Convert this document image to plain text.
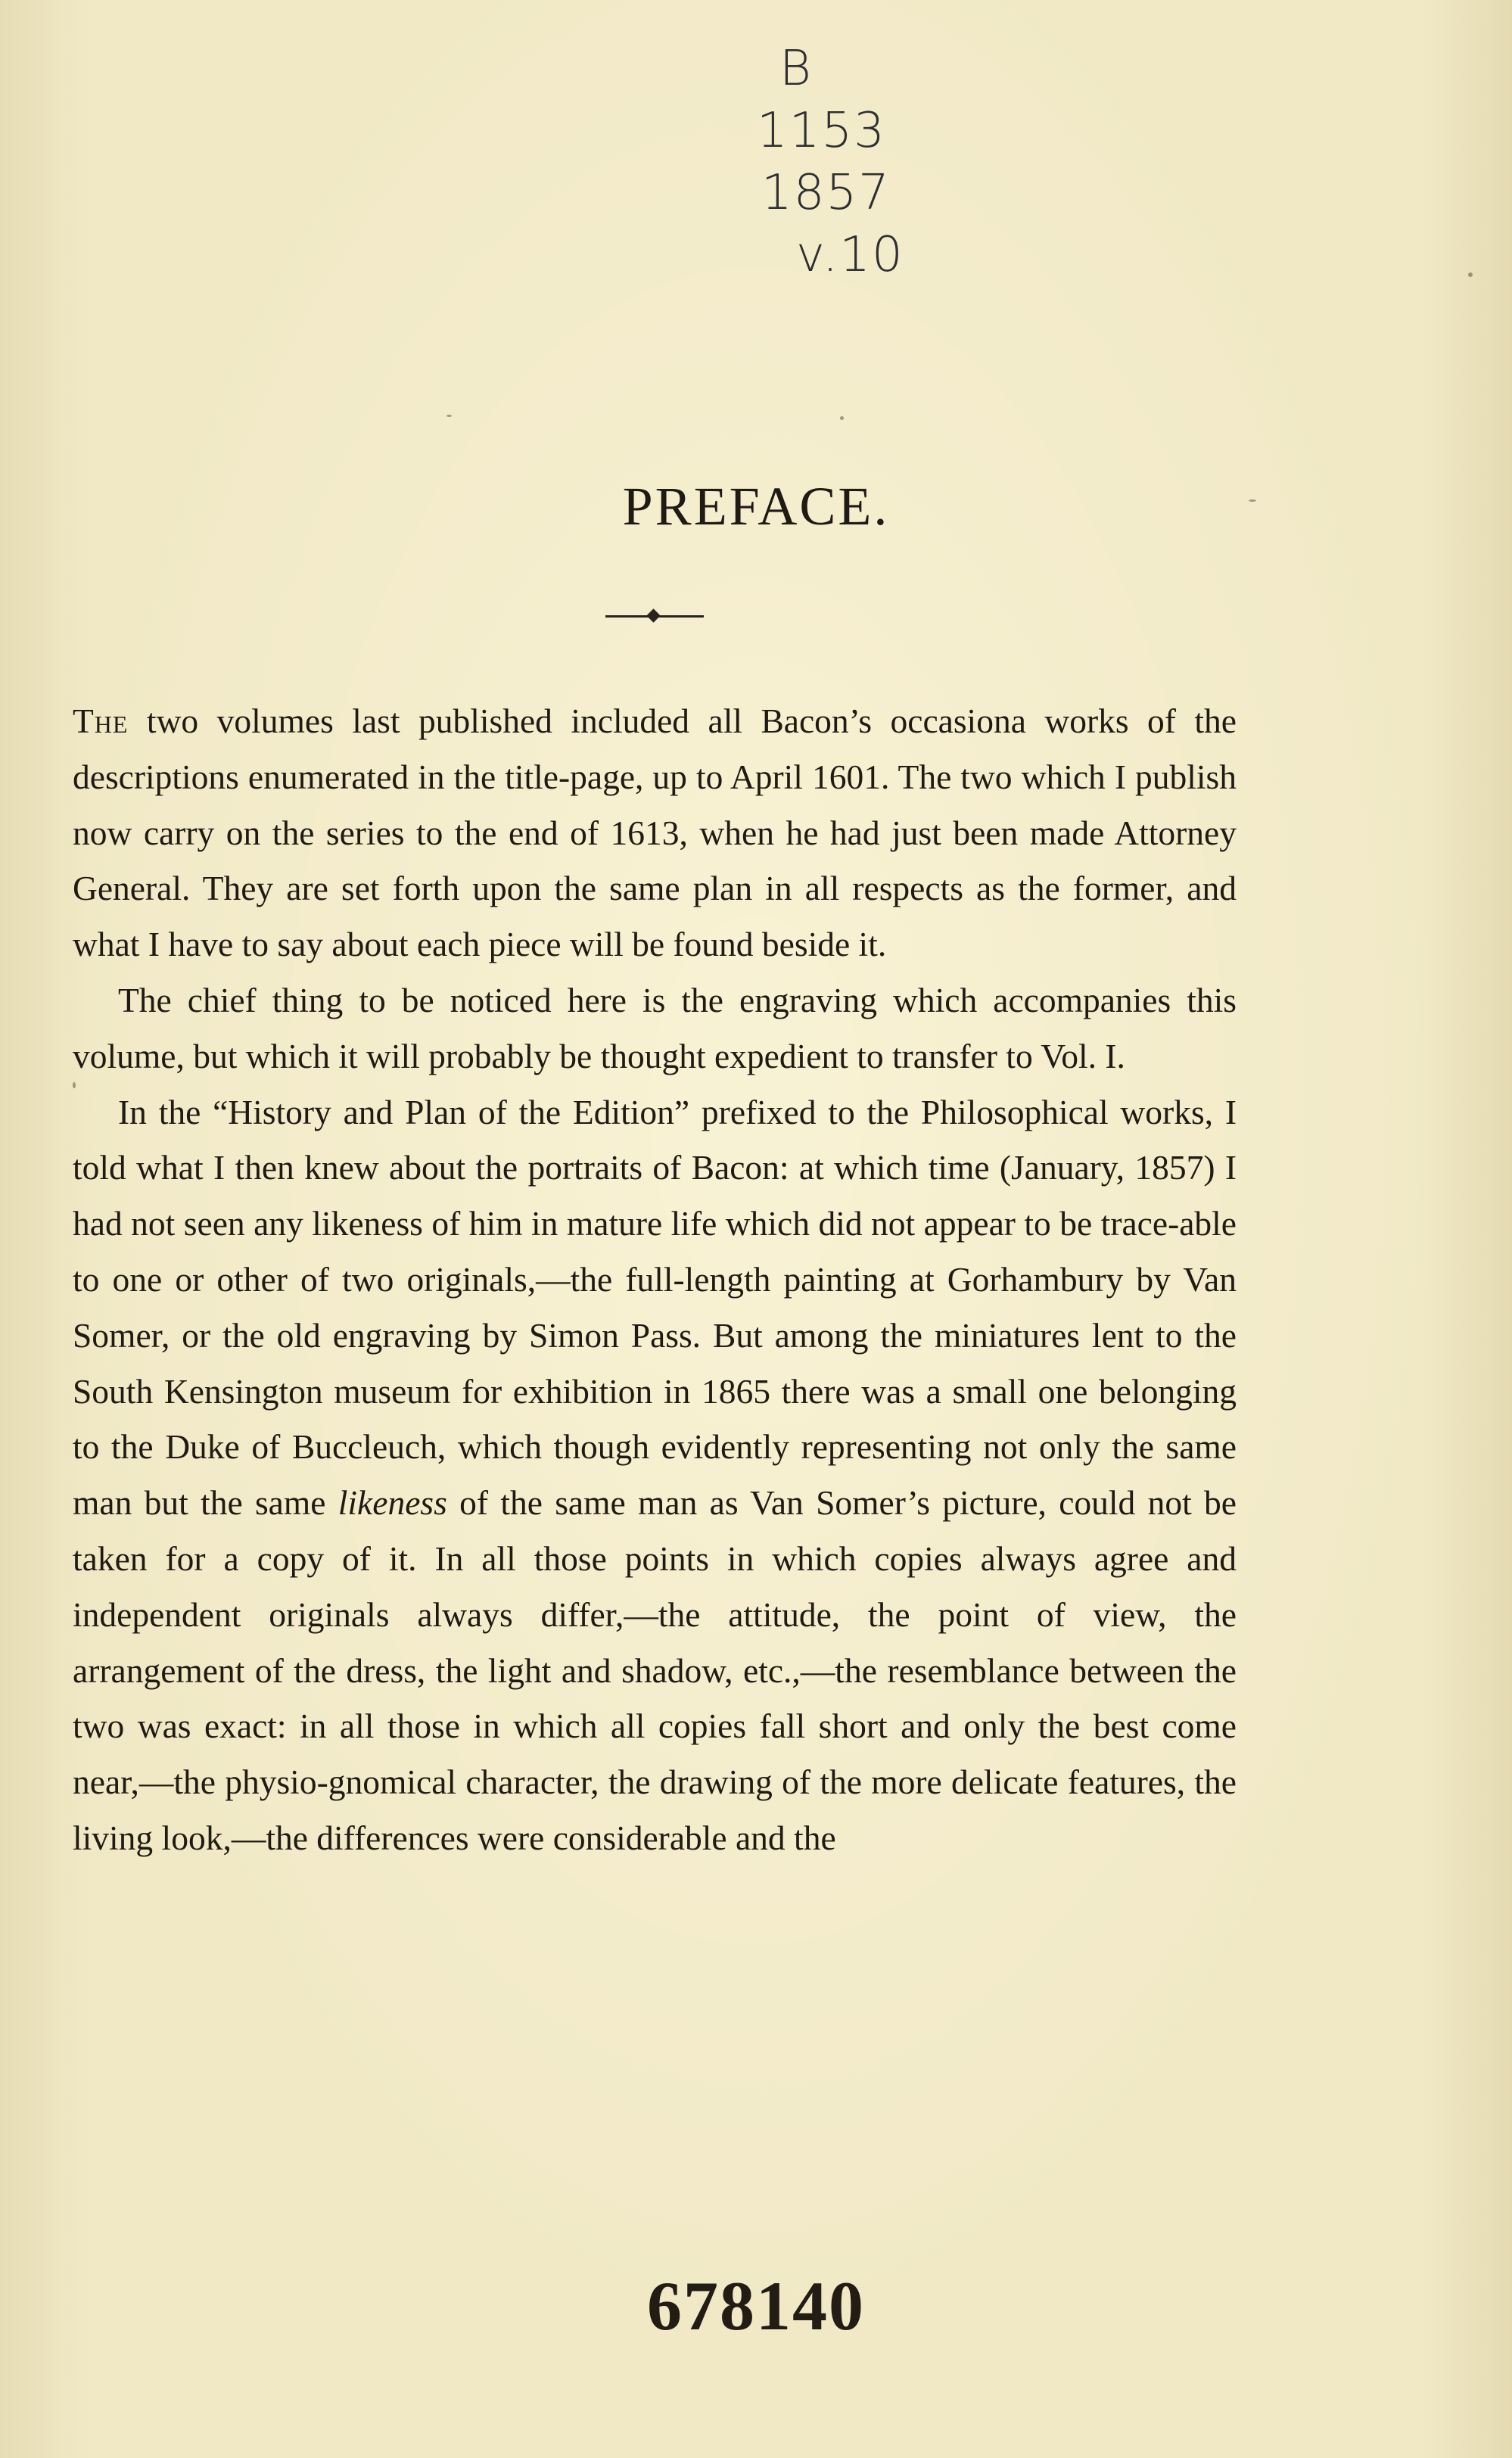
B
1153
1857
v.10
PREFACE.

The two volumes last published included all Bacon’s occasiona works of the descriptions enumerated in the title-page, up to April 1601. The two which I publish now carry on the series to the end of 1613, when he had just been made Attorney General. They are set forth upon the same plan in all respects as the former, and what I have to say about each piece will be found beside it.

The chief thing to be noticed here is the engraving which accompanies this volume, but which it will probably be thought expedient to transfer to Vol. I.

In the “History and Plan of the Edition” prefixed to the Philosophical works, I told what I then knew about the portraits of Bacon: at which time (January, 1857) I had not seen any likeness of him in mature life which did not appear to be trace-able to one or other of two originals,—the full-length painting at Gorhambury by Van Somer, or the old engraving by Simon Pass. But among the miniatures lent to the South Kensington museum for exhibition in 1865 there was a small one belonging to the Duke of Buccleuch, which though evidently representing not only the same man but the same likeness of the same man as Van Somer’s picture, could not be taken for a copy of it. In all those points in which copies always agree and independent originals always differ,—the attitude, the point of view, the arrangement of the dress, the light and shadow, etc.,—the resemblance between the two was exact: in all those in which all copies fall short and only the best come near,—the physio-gnomical character, the drawing of the more delicate features, the living look,—the differences were considerable and the

678140
